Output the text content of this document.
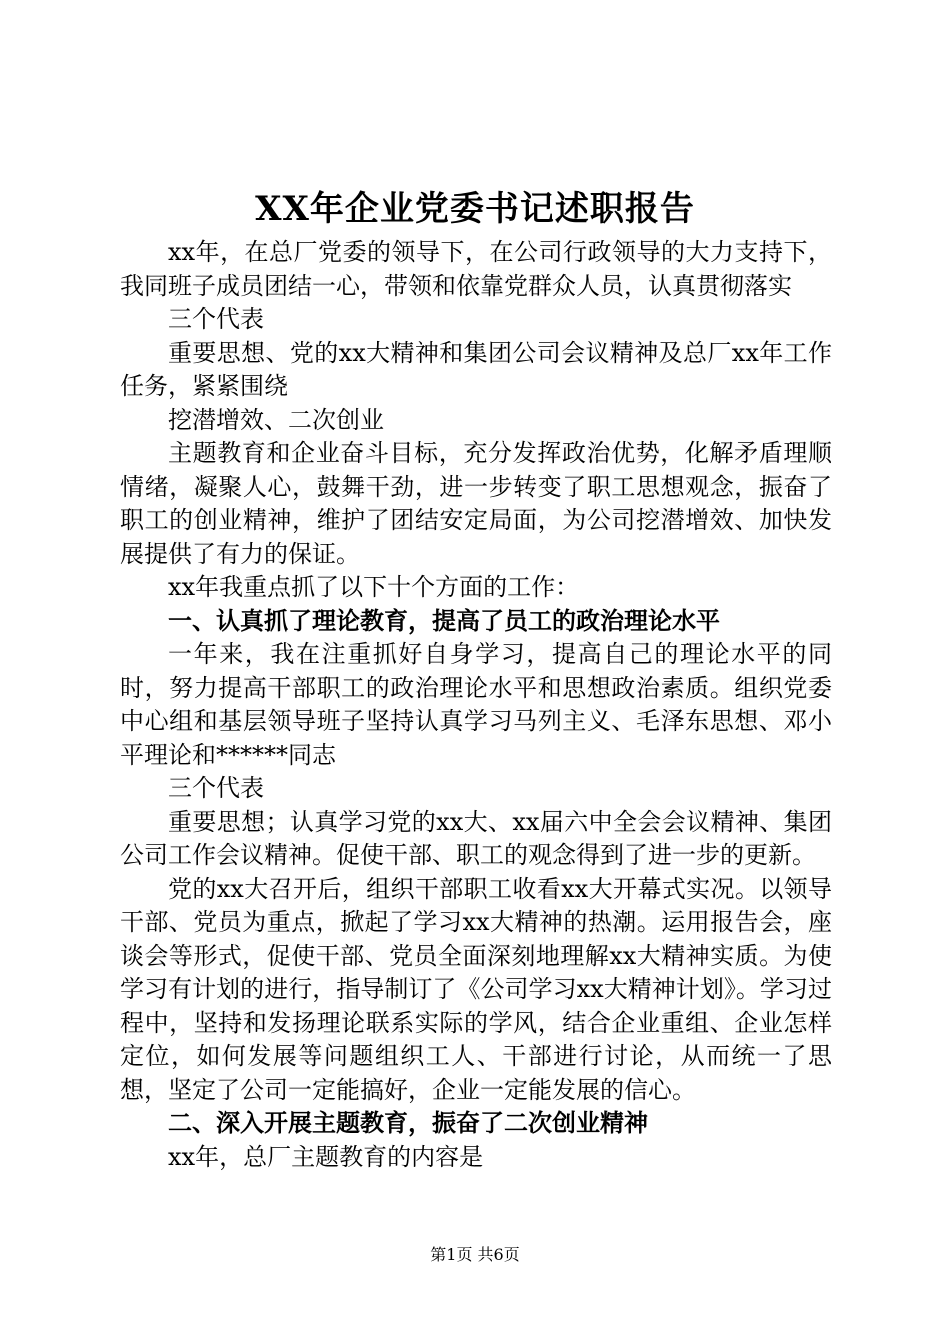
XX年企业党委书记述职报告

xx年，在总厂党委的领导下，在公司行政领导的大力支持下，我同班子成员团结一心，带领和依靠党群众人员，认真贯彻落实

三个代表

重要思想、党的xx大精神和集团公司会议精神及总厂xx年工作任务，紧紧围绕

挖潜增效、二次创业

主题教育和企业奋斗目标，充分发挥政治优势，化解矛盾理顺情绪，凝聚人心，鼓舞干劲，进一步转变了职工思想观念，振奋了职工的创业精神，维护了团结安定局面，为公司挖潜增效、加快发展提供了有力的保证。

xx年我重点抓了以下十个方面的工作：

一、认真抓了理论教育，提高了员工的政治理论水平

一年来，我在注重抓好自身学习，提高自己的理论水平的同时，努力提高干部职工的政治理论水平和思想政治素质。组织党委中心组和基层领导班子坚持认真学习马列主义、毛泽东思想、邓小平理论和******同志

三个代表

重要思想；认真学习党的xx大、xx届六中全会会议精神、集团公司工作会议精神。促使干部、职工的观念得到了进一步的更新。

党的xx大召开后，组织干部职工收看xx大开幕式实况。以领导干部、党员为重点，掀起了学习xx大精神的热潮。运用报告会，座谈会等形式，促使干部、党员全面深刻地理解xx大精神实质。为使学习有计划的进行，指导制订了《公司学习xx大精神计划》。学习过程中，坚持和发扬理论联系实际的学风，结合企业重组、企业怎样定位，如何发展等问题组织工人、干部进行讨论，从而统一了思想，坚定了公司一定能搞好，企业一定能发展的信心。

二、深入开展主题教育，振奋了二次创业精神

xx年，总厂主题教育的内容是

第1页 共6页
